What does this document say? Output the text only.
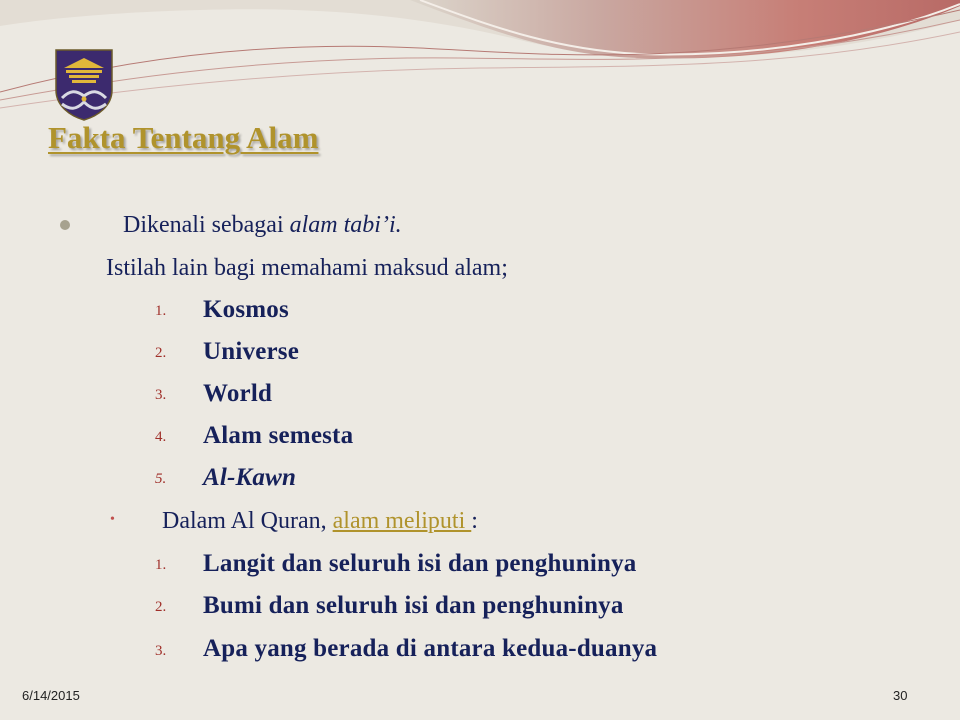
Fakta Tentang Alam
Dikenali sebagai alam tabi’i.
Istilah lain bagi memahami maksud alam;
1. Kosmos
2. Universe
3. World
4. Alam semesta
5. Al-Kawn
• Dalam Al Quran, alam meliputi :
1. Langit dan seluruh isi dan penghuninya
2. Bumi dan seluruh isi dan penghuninya
3. Apa yang berada di antara kedua-duanya
6/14/2015	30
